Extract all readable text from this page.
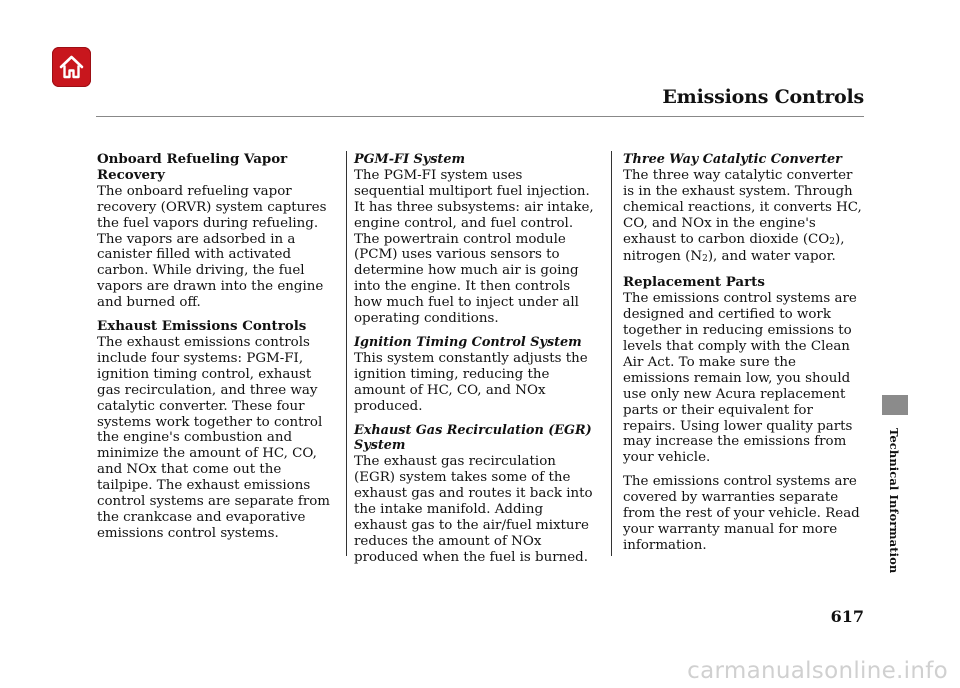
Emissions Controls

Onboard Refueling Vapor Recovery
The onboard refueling vapor recovery (ORVR) system captures the fuel vapors during refueling. The vapors are adsorbed in a canister filled with activated carbon. While driving, the fuel vapors are drawn into the engine and burned off.

Exhaust Emissions Controls
The exhaust emissions controls include four systems: PGM-FI, ignition timing control, exhaust gas recirculation, and three way catalytic converter. These four systems work together to control the engine's combustion and minimize the amount of HC, CO, and NOx that come out the tailpipe. The exhaust emissions control systems are separate from the crankcase and evaporative emissions control systems.

PGM-FI System
The PGM-FI system uses sequential multiport fuel injection. It has three subsystems: air intake, engine control, and fuel control. The powertrain control module (PCM) uses various sensors to determine how much air is going into the engine. It then controls how much fuel to inject under all operating conditions.

Ignition Timing Control System
This system constantly adjusts the ignition timing, reducing the amount of HC, CO, and NOx produced.

Exhaust Gas Recirculation (EGR) System
The exhaust gas recirculation (EGR) system takes some of the exhaust gas and routes it back into the intake manifold. Adding exhaust gas to the air/fuel mixture reduces the amount of NOx produced when the fuel is burned.

Three Way Catalytic Converter
The three way catalytic converter is in the exhaust system. Through chemical reactions, it converts HC, CO, and NOx in the engine's exhaust to carbon dioxide $(CO_2)$, nitrogen $(N_2)$, and water vapor.

Replacement Parts
The emissions control systems are designed and certified to work together in reducing emissions to levels that comply with the Clean Air Act. To make sure the emissions remain low, you should use only new Acura replacement parts or their equivalent for repairs. Using lower quality parts may increase the emissions from your vehicle.

The emissions control systems are covered by warranties separate from the rest of your vehicle. Read your warranty manual for more information.	Technical Information
617
carmanualsonline.info
